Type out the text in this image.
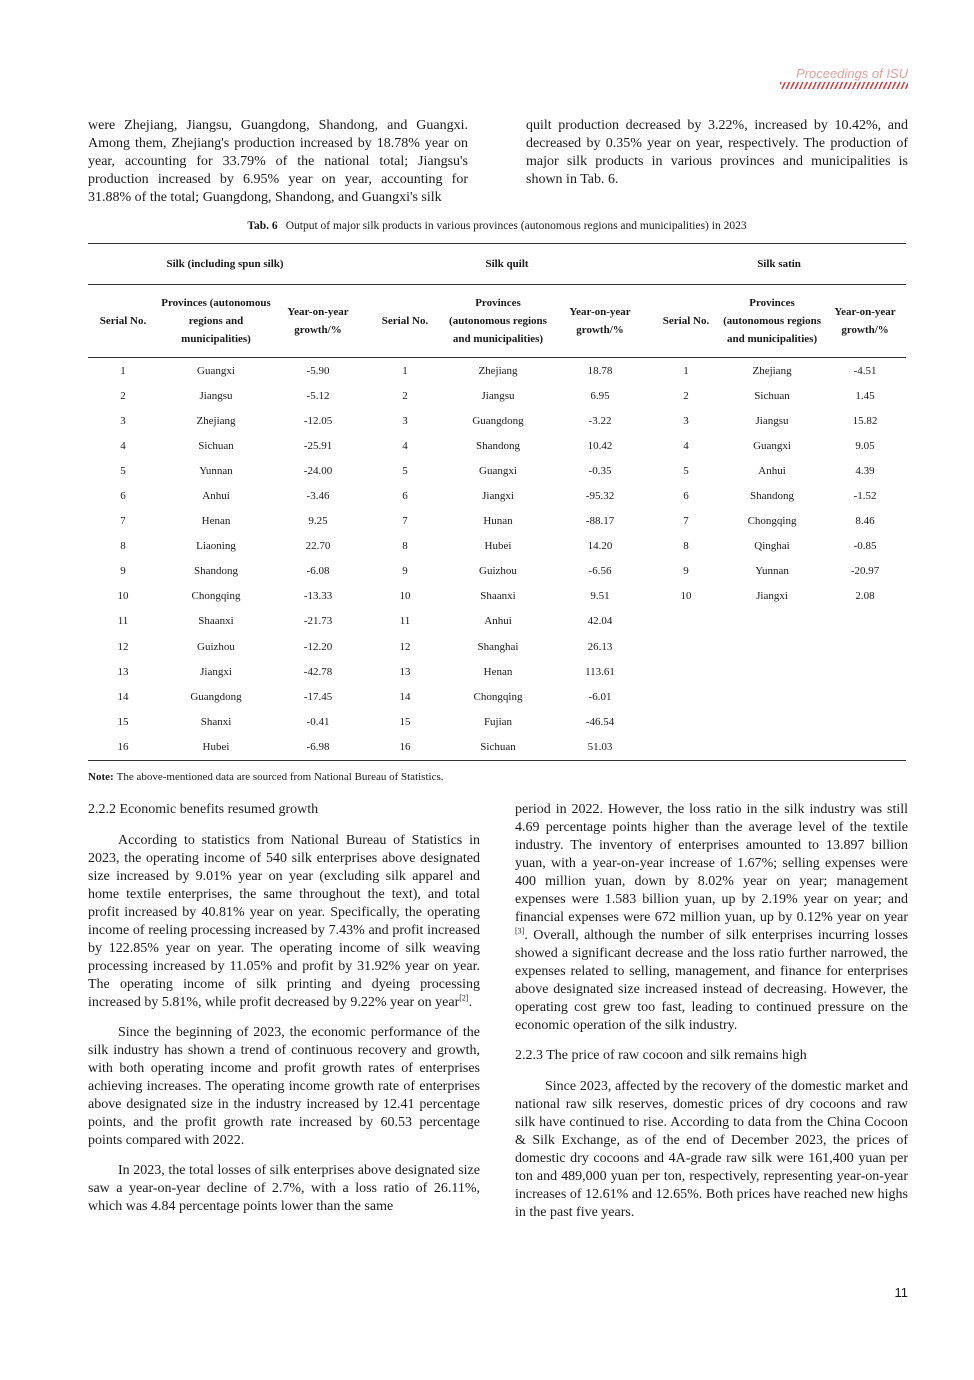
Proceedings of ISU

were Zhejiang, Jiangsu, Guangdong, Shandong, and Guangxi. Among them, Zhejiang's production increased by 18.78% year on year, accounting for 33.79% of the national total; Jiangsu's production increased by 6.95% year on year, accounting for 31.88% of the total; Guangdong, Shandong, and Guangxi's silk

quilt production decreased by 3.22%, increased by 10.42%, and decreased by 0.35% year on year, respectively. The production of major silk products in various provinces and municipalities is shown in Tab. 6.

Tab. 6 Output of major silk products in various provinces (autonomous regions and municipalities) in 2023
Silk (including spun silk)			Silk quilt			Silk satin		
Serial No.	Provinces (autonomous regions and municipalities)	Year-on-year growth/%	Serial No.	Provinces (autonomous regions and municipalities)	Year-on-year growth/%	Serial No.	Provinces (autonomous regions and municipalities)	Year-on-year growth/%
1	Guangxi	-5.90	1	Zhejiang	18.78	1	Zhejiang	-4.51
2	Jiangsu	-5.12	2	Jiangsu	6.95	2	Sichuan	1.45
3	Zhejiang	-12.05	3	Guangdong	-3.22	3	Jiangsu	15.82
4	Sichuan	-25.91	4	Shandong	10.42	4	Guangxi	9.05
5	Yunnan	-24.00	5	Guangxi	-0.35	5	Anhui	4.39
6	Anhui	-3.46	6	Jiangxi	-95.32	6	Shandong	-1.52
7	Henan	9.25	7	Hunan	-88.17	7	Chongqing	8.46
8	Liaoning	22.70	8	Hubei	14.20	8	Qinghai	-0.85
9	Shandong	-6.08	9	Guizhou	-6.56	9	Yunnan	-20.97
10	Chongqing	-13.33	10	Shaanxi	9.51	10	Jiangxi	2.08
11	Shaanxi	-21.73	11	Anhui	42.04			
12	Guizhou	-12.20	12	Shanghai	26.13			
13	Jiangxi	-42.78	13	Henan	113.61			
14	Guangdong	-17.45	14	Chongqing	-6.01			
15	Shanxi	-0.41	15	Fujian	-46.54			
16	Hubei	-6.98	16	Sichuan	51.03			
Note: The above-mentioned data are sourced from National Bureau of Statistics.

2.2.2 Economic benefits resumed growth

According to statistics from National Bureau of Statistics in 2023, the operating income of 540 silk enterprises above designated size increased by 9.01% year on year (excluding silk apparel and home textile enterprises, the same throughout the text), and total profit increased by 40.81% year on year. Specifically, the operating income of reeling processing increased by 7.43% and profit increased by 122.85% year on year. The operating income of silk weaving processing increased by 11.05% and profit by 31.92% year on year. The operating income of silk printing and dyeing processing increased by 5.81%, while profit decreased by 9.22% year on year[2].

Since the beginning of 2023, the economic performance of the silk industry has shown a trend of continuous recovery and growth, with both operating income and profit growth rates of enterprises achieving increases. The operating income growth rate of enterprises above designated size in the industry increased by 12.41 percentage points, and the profit growth rate increased by 60.53 percentage points compared with 2022.

In 2023, the total losses of silk enterprises above designated size saw a year-on-year decline of 2.7%, with a loss ratio of 26.11%, which was 4.84 percentage points lower than the same

period in 2022. However, the loss ratio in the silk industry was still 4.69 percentage points higher than the average level of the textile industry. The inventory of enterprises amounted to 13.897 billion yuan, with a year-on-year increase of 1.67%; selling expenses were 400 million yuan, down by 8.02% year on year; management expenses were 1.583 billion yuan, up by 2.19% year on year; and financial expenses were 672 million yuan, up by 0.12% year on year [3]. Overall, although the number of silk enterprises incurring losses showed a significant decrease and the loss ratio further narrowed, the expenses related to selling, management, and finance for enterprises above designated size increased instead of decreasing. However, the operating cost grew too fast, leading to continued pressure on the economic operation of the silk industry.

2.2.3 The price of raw cocoon and silk remains high

Since 2023, affected by the recovery of the domestic market and national raw silk reserves, domestic prices of dry cocoons and raw silk have continued to rise. According to data from the China Cocoon & Silk Exchange, as of the end of December 2023, the prices of domestic dry cocoons and 4A-grade raw silk were 161,400 yuan per ton and 489,000 yuan per ton, respectively, representing year-on-year increases of 12.61% and 12.65%. Both prices have reached new highs in the past five years.

11
